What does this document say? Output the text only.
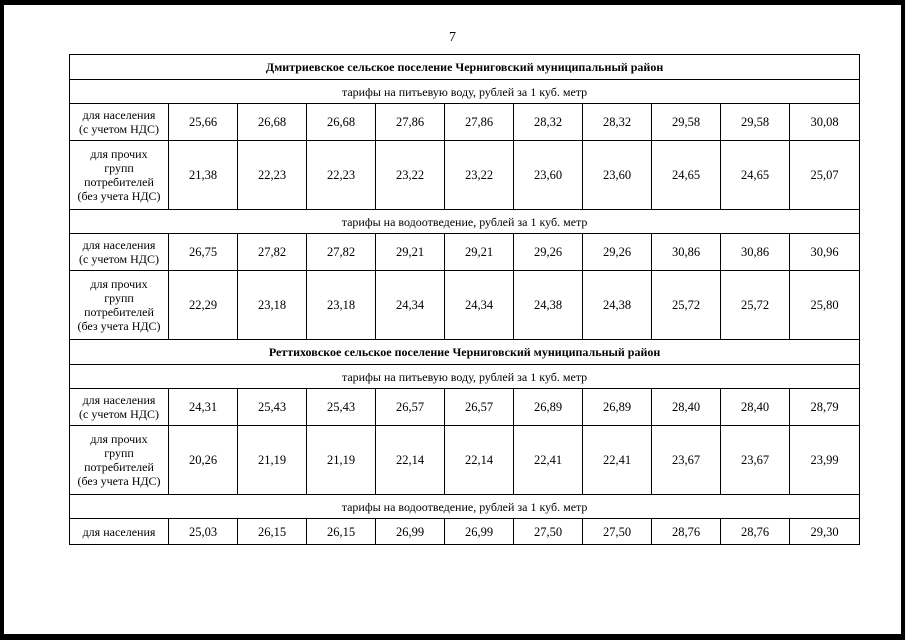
7
Дмитриевское сельское поселение Черниговский муниципальный район										
тарифы на питьевую воду, рублей за 1 куб. метр										
для населения
(с учетом НДС)	25,66	26,68	26,68	27,86	27,86	28,32	28,32	29,58	29,58	30,08
для прочих
групп
потребителей
(без учета НДС)	21,38	22,23	22,23	23,22	23,22	23,60	23,60	24,65	24,65	25,07
тарифы на водоотведение, рублей за 1 куб. метр										
для населения
(с учетом НДС)	26,75	27,82	27,82	29,21	29,21	29,26	29,26	30,86	30,86	30,96
для прочих
групп
потребителей
(без учета НДС)	22,29	23,18	23,18	24,34	24,34	24,38	24,38	25,72	25,72	25,80
Реттиховское сельское поселение Черниговский муниципальный район										
тарифы на питьевую воду, рублей за 1 куб. метр										
для населения
(с учетом НДС)	24,31	25,43	25,43	26,57	26,57	26,89	26,89	28,40	28,40	28,79
для прочих
групп
потребителей
(без учета НДС)	20,26	21,19	21,19	22,14	22,14	22,41	22,41	23,67	23,67	23,99
тарифы на водоотведение, рублей за 1 куб. метр										
для населения	25,03	26,15	26,15	26,99	26,99	27,50	27,50	28,76	28,76	29,30
